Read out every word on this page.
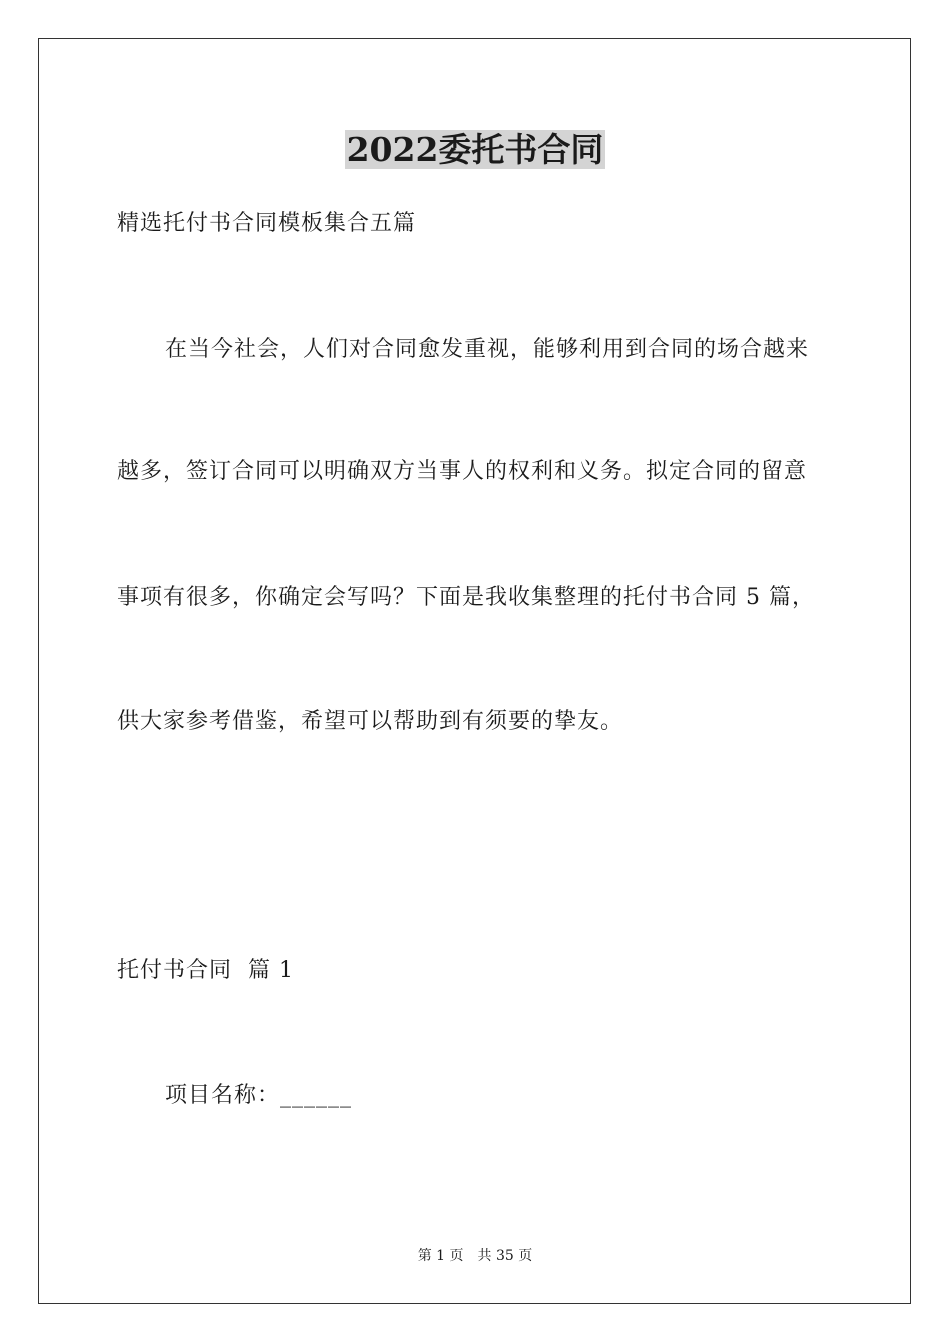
2022委托书合同
精选托付书合同模板集合五篇
在当今社会，人们对合同愈发重视，能够利用到合同的场合越来
越多，签订合同可以明确双方当事人的权利和义务。拟定合同的留意
事项有很多，你确定会写吗？下面是我收集整理的托付书合同 5 篇，
供大家参考借鉴，希望可以帮助到有须要的挚友。
托付书合同  篇 1
项目名称：______
第 1 页 共 35 页
